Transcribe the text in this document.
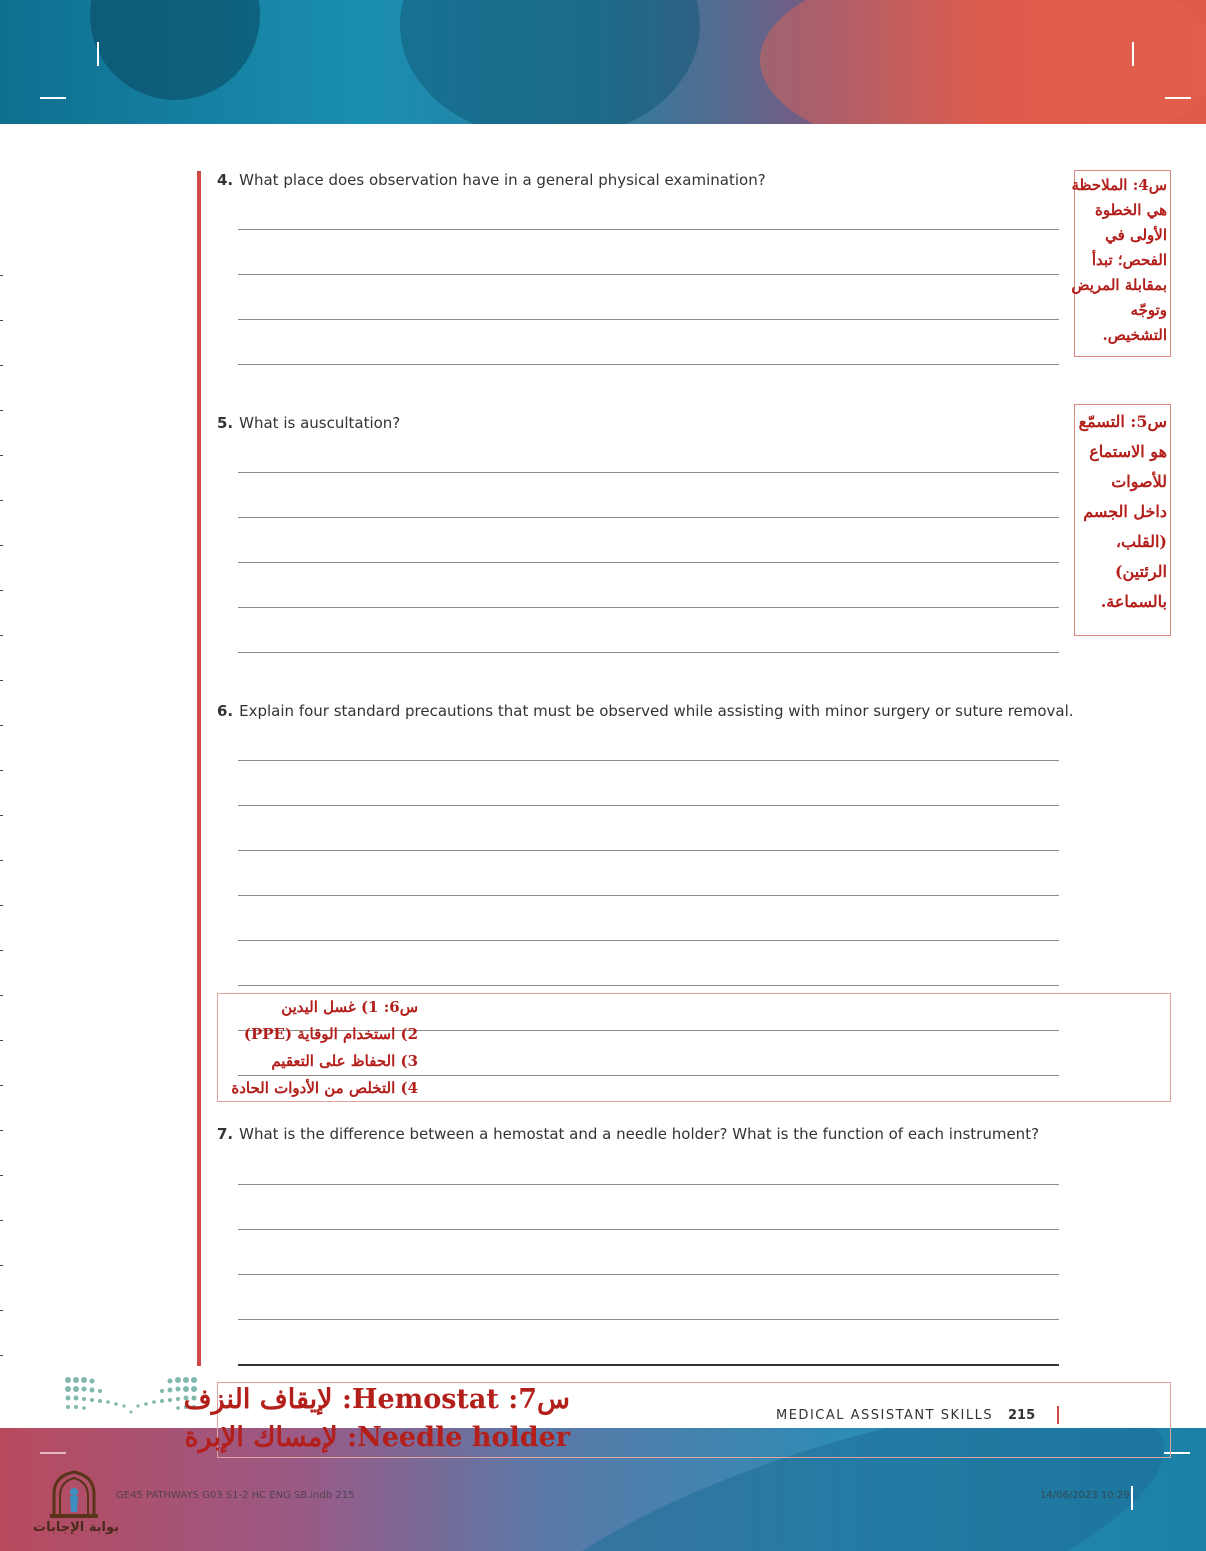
4. What place does observation have in a general physical examination?	س4: الملاحظة
هي الخطوة
الأولى في
الفحص؛ تبدأ
بمقابلة المريض
وتوجّه
التشخيص.
5. What is auscultation?	س5: التسمّع
هو الاستماع
للأصوات
داخل الجسم
(القلب،
الرئتين)
بالسماعة.
6. Explain four standard precautions that must be observed while assisting with minor surgery or suture removal.
س6: 1) غسل اليدين
2) استخدام الوقاية (PPE)
3) الحفاظ على التعقيم
4) التخلص من الأدوات الحادة
7. What is the difference between a hemostat and a needle holder? What is the function of each instrument?
س7: Hemostat: لإيقاف النزف
Needle holder: لإمساك الإبرة
MEDICAL ASSISTANT SKILLS 215
GE45 PATHWAYS G03 S1-2 HC ENG SB.indb 215	14/06/2023 10:29
بوابة الإجابات
